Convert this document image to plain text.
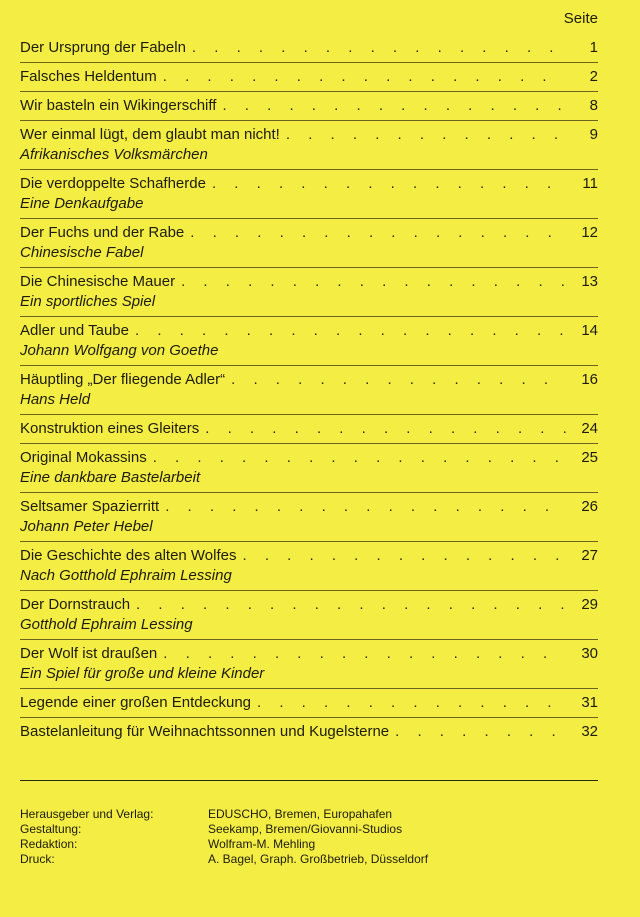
Seite
Der Ursprung der Fabeln . . .	1
Falsches Heldentum . . .	2
Wir basteln ein Wikingerschiff . . .	8
Wer einmal lügt, dem glaubt man nicht! . . .	9
Afrikanisches Volksmärchen
Die verdoppelte Schafherde . . .	11
Eine Denkaufgabe
Der Fuchs und der Rabe . . .	12
Chinesische Fabel
Die Chinesische Mauer . . .	13
Ein sportliches Spiel
Adler und Taube . . .	14
Johann Wolfgang von Goethe
Häuptling „Der fliegende Adler“ . . .	16
Hans Held
Konstruktion eines Gleiters . . .	24
Original Mokassins . . .	25
Eine dankbare Bastelarbeit
Seltsamer Spazierritt . . .	26
Johann Peter Hebel
Die Geschichte des alten Wolfes . . .	27
Nach Gotthold Ephraim Lessing
Der Dornstrauch . . .	29
Gotthold Ephraim Lessing
Der Wolf ist draußen . . .	30
Ein Spiel für große und kleine Kinder
Legende einer großen Entdeckung . . .	31
Bastelanleitung für Weihnachtssonnen und Kugelsterne . . .	32
Herausgeber und Verlag:	EDUSCHO, Bremen, Europahafen
Gestaltung:	Seekamp, Bremen/Giovanni-Studios
Redaktion:	Wolfram-M. Mehling
Druck:	A. Bagel, Graph. Großbetrieb, Düsseldorf
